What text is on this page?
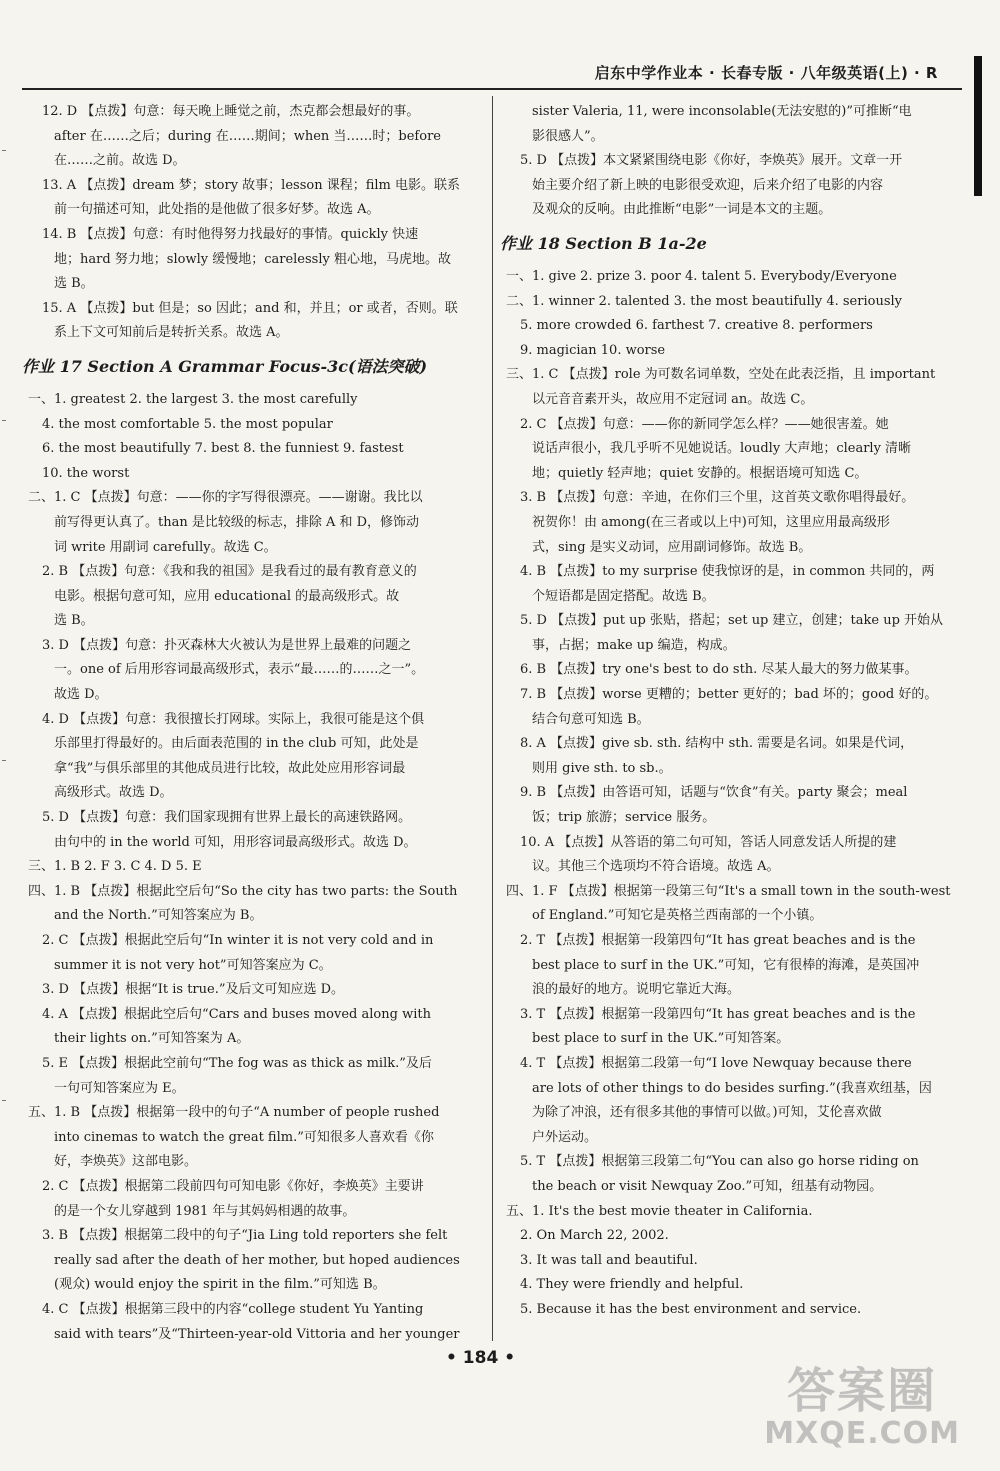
启东中学作业本 · 长春专版 · 八年级英语(上) · R
12. D 【点拨】句意：每天晚上睡觉之前，杰克都会想最好的事。
after 在……之后；during 在……期间；when 当……时；before
在……之前。故选 D。
13. A 【点拨】dream 梦；story 故事；lesson 课程；film 电影。联系
前一句描述可知，此处指的是他做了很多好梦。故选 A。
14. B 【点拨】句意：有时他得努力找最好的事情。quickly 快速
地；hard 努力地；slowly 缓慢地；carelessly 粗心地，马虎地。故
选 B。
15. A 【点拨】but 但是；so 因此；and 和，并且；or 或者，否则。联
系上下文可知前后是转折关系。故选 A。
作业 17 Section A Grammar Focus-3c(语法突破)
一、1. greatest 2. the largest 3. the most carefully
4. the most comfortable 5. the most popular
6. the most beautifully 7. best 8. the funniest 9. fastest
10. the worst
二、1. C 【点拨】句意：——你的字写得很漂亮。——谢谢。我比以
前写得更认真了。than 是比较级的标志，排除 A 和 D，修饰动
词 write 用副词 carefully。故选 C。
2. B 【点拨】句意：《我和我的祖国》是我看过的最有教育意义的
电影。根据句意可知，应用 educational 的最高级形式。故
选 B。
3. D 【点拨】句意：扑灭森林大火被认为是世界上最难的问题之
一。one of 后用形容词最高级形式，表示“最……的……之一”。
故选 D。
4. D 【点拨】句意：我很擅长打网球。实际上，我很可能是这个俱
乐部里打得最好的。由后面表范围的 in the club 可知，此处是
拿“我”与俱乐部里的其他成员进行比较，故此处应用形容词最
高级形式。故选 D。
5. D 【点拨】句意：我们国家现拥有世界上最长的高速铁路网。
由句中的 in the world 可知，用形容词最高级形式。故选 D。
三、1. B 2. F 3. C 4. D 5. E
四、1. B 【点拨】根据此空后句“So the city has two parts: the South
and the North.”可知答案应为 B。
2. C 【点拨】根据此空后句“In winter it is not very cold and in
summer it is not very hot”可知答案应为 C。
3. D 【点拨】根据“It is true.”及后文可知应选 D。
4. A 【点拨】根据此空后句“Cars and buses moved along with
their lights on.”可知答案为 A。
5. E 【点拨】根据此空前句“The fog was as thick as milk.”及后
一句可知答案应为 E。
五、1. B 【点拨】根据第一段中的句子“A number of people rushed
into cinemas to watch the great film.”可知很多人喜欢看《你
好，李焕英》这部电影。
2. C 【点拨】根据第二段前四句可知电影《你好，李焕英》主要讲
的是一个女儿穿越到 1981 年与其妈妈相遇的故事。
3. B 【点拨】根据第二段中的句子“Jia Ling told reporters she felt
really sad after the death of her mother, but hoped audiences
(观众) would enjoy the spirit in the film.”可知选 B。
4. C 【点拨】根据第三段中的内容“college student Yu Yanting
said with tears”及“Thirteen-year-old Vittoria and her younger
sister Valeria, 11, were inconsolable(无法安慰的)”可推断“电
影很感人”。
5. D 【点拨】本文紧紧围绕电影《你好，李焕英》展开。文章一开
始主要介绍了新上映的电影很受欢迎，后来介绍了电影的内容
及观众的反响。由此推断“电影”一词是本文的主题。
作业 18 Section B 1a-2e
一、1. give 2. prize 3. poor 4. talent 5. Everybody/Everyone
二、1. winner 2. talented 3. the most beautifully 4. seriously
5. more crowded 6. farthest 7. creative 8. performers
9. magician 10. worse
三、1. C 【点拨】role 为可数名词单数，空处在此表泛指，且 important
以元音音素开头，故应用不定冠词 an。故选 C。
2. C 【点拨】句意：——你的新同学怎么样？——她很害羞。她
说话声很小，我几乎听不见她说话。loudly 大声地；clearly 清晰
地；quietly 轻声地；quiet 安静的。根据语境可知选 C。
3. B 【点拨】句意：辛迪，在你们三个里，这首英文歌你唱得最好。
祝贺你！由 among(在三者或以上中)可知，这里应用最高级形
式，sing 是实义动词，应用副词修饰。故选 B。
4. B 【点拨】to my surprise 使我惊讶的是，in common 共同的，两
个短语都是固定搭配。故选 B。
5. D 【点拨】put up 张贴，搭起；set up 建立，创建；take up 开始从
事，占据；make up 编造，构成。
6. B 【点拨】try one's best to do sth. 尽某人最大的努力做某事。
7. B 【点拨】worse 更糟的；better 更好的；bad 坏的；good 好的。
结合句意可知选 B。
8. A 【点拨】give sb. sth. 结构中 sth. 需要是名词。如果是代词，
则用 give sth. to sb.。
9. B 【点拨】由答语可知，话题与“饮食”有关。party 聚会；meal
饭；trip 旅游；service 服务。
10. A 【点拨】从答语的第二句可知，答话人同意发话人所提的建
议。其他三个选项均不符合语境。故选 A。
四、1. F 【点拨】根据第一段第三句“It's a small town in the south-west
of England.”可知它是英格兰西南部的一个小镇。
2. T 【点拨】根据第一段第四句“It has great beaches and is the
best place to surf in the UK.”可知，它有很棒的海滩，是英国冲
浪的最好的地方。说明它靠近大海。
3. T 【点拨】根据第一段第四句“It has great beaches and is the
best place to surf in the UK.”可知答案。
4. T 【点拨】根据第二段第一句“I love Newquay because there
are lots of other things to do besides surfing.”(我喜欢纽基，因
为除了冲浪，还有很多其他的事情可以做。)可知，艾伦喜欢做
户外运动。
5. T 【点拨】根据第三段第二句“You can also go horse riding on
the beach or visit Newquay Zoo.”可知，纽基有动物园。
五、1. It's the best movie theater in California.
2. On March 22, 2002.
3. It was tall and beautiful.
4. They were friendly and helpful.
5. Because it has the best environment and service.
• 184 •
答案圈
MXQE.COM
